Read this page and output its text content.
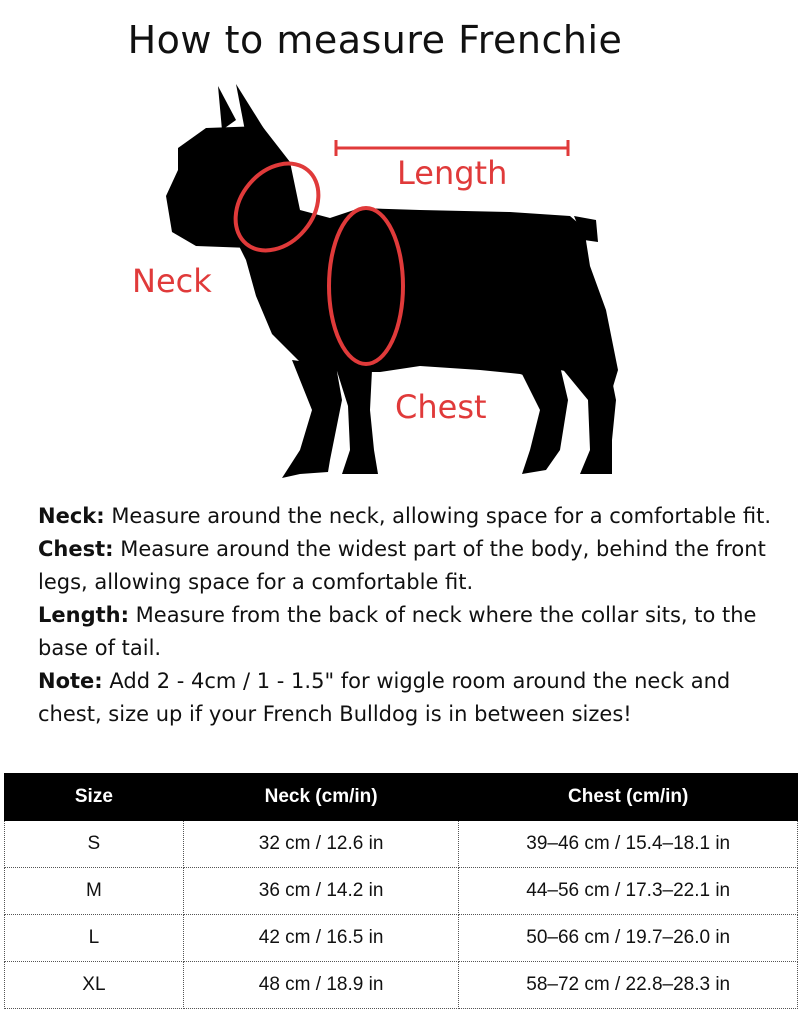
How to measure Frenchie
Length
Neck
Chest

Neck: Measure around the neck, allowing space for a comfortable fit.

Chest: Measure around the widest part of the body, behind the front legs, allowing space for a comfortable fit.

Length: Measure from the back of neck where the collar sits, to the base of tail.

Note: Add 2 - 4cm / 1 - 1.5" for wiggle room around the neck and chest, size up if your French Bulldog is in between sizes!

Size	Neck (cm/in)	Chest (cm/in)
S	32 cm / 12.6 in	39–46 cm / 15.4–18.1 in
M	36 cm / 14.2 in	44–56 cm / 17.3–22.1 in
L	42 cm / 16.5 in	50–66 cm / 19.7–26.0 in
XL	48 cm / 18.9 in	58–72 cm / 22.8–28.3 in
